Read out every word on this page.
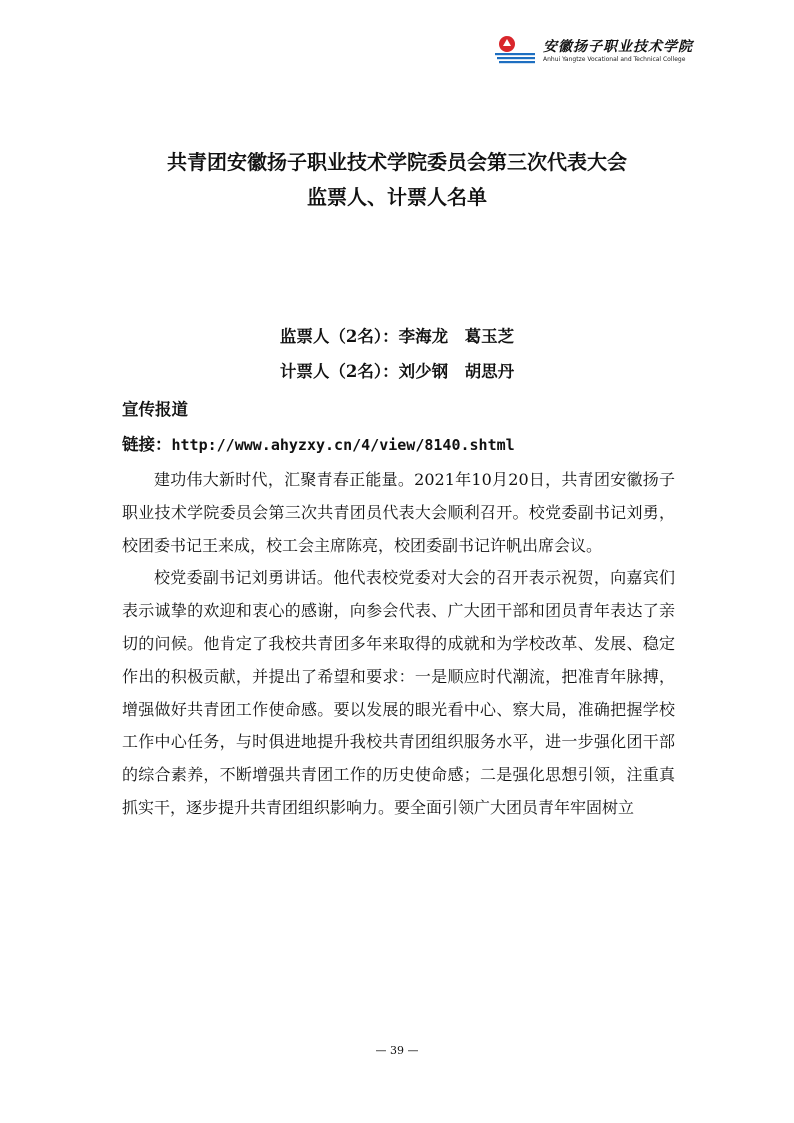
安徽扬子职业技术学院
Anhui Yangtze Vocational and Technical College
共青团安徽扬子职业技术学院委员会第三次代表大会
监票人、计票人名单
监票人（2名）：李海龙　葛玉芝
计票人（2名）：刘少钢　胡思丹
宣传报道
链接：http://www.ahyzxy.cn/4/view/8140.shtml

建功伟大新时代，汇聚青春正能量。2021年10月20日，共青团安徽扬子职业技术学院委员会第三次共青团员代表大会顺利召开。校党委副书记刘勇，校团委书记王来成，校工会主席陈亮，校团委副书记许帆出席会议。

校党委副书记刘勇讲话。他代表校党委对大会的召开表示祝贺，向嘉宾们表示诚挚的欢迎和衷心的感谢，向参会代表、广大团干部和团员青年表达了亲切的问候。他肯定了我校共青团多年来取得的成就和为学校改革、发展、稳定作出的积极贡献，并提出了希望和要求：一是顺应时代潮流，把准青年脉搏，增强做好共青团工作使命感。要以发展的眼光看中心、察大局，准确把握学校工作中心任务，与时俱进地提升我校共青团组织服务水平，进一步强化团干部的综合素养，不断增强共青团工作的历史使命感；二是强化思想引领，注重真抓实干，逐步提升共青团组织影响力。要全面引领广大团员青年牢固树立

— 39 —
